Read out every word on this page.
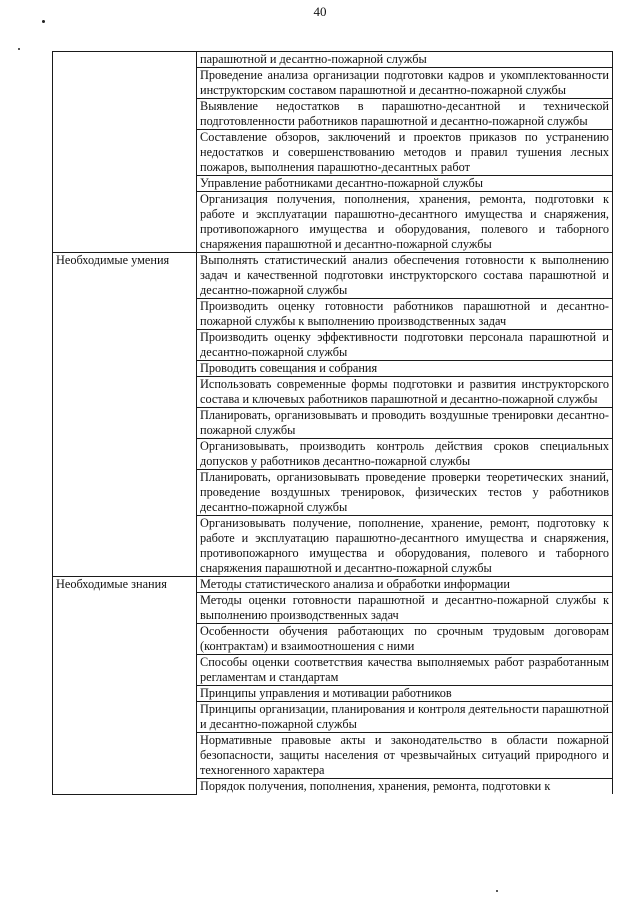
40
	парашютной и десантно-пожарной службы
	Проведение анализа организации подготовки кадров и укомплектованности инструкторским составом парашютной и десантно-пожарной службы
	Выявление недостатков в парашютно-десантной и технической подготовленности работников парашютной и десантно-пожарной службы
	Составление обзоров, заключений и проектов приказов по устранению недостатков и совершенствованию методов и правил тушения лесных пожаров, выполнения парашютно-десантных работ
	Управление работниками десантно-пожарной службы
	Организация получения, пополнения, хранения, ремонта, подготовки к работе и эксплуатации парашютно-десантного имущества и снаряжения, противопожарного имущества и оборудования, полевого и таборного снаряжения парашютной и десантно-пожарной службы
Необходимые умения	Выполнять статистический анализ обеспечения готовности к выполнению задач и качественной подготовки инструкторского состава парашютной и десантно-пожарной службы
	Производить оценку готовности работников парашютной и десантно-пожарной службы к выполнению производственных задач
	Производить оценку эффективности подготовки персонала парашютной и десантно-пожарной службы
	Проводить совещания и собрания
	Использовать современные формы подготовки и развития инструкторского состава и ключевых работников парашютной и десантно-пожарной службы
	Планировать, организовывать и проводить воздушные тренировки десантно-пожарной службы
	Организовывать, производить контроль действия сроков специальных допусков у работников десантно-пожарной службы
	Планировать, организовывать проведение проверки теоретических знаний, проведение воздушных тренировок, физических тестов у работников десантно-пожарной службы
	Организовывать получение, пополнение, хранение, ремонт, подготовку к работе и эксплуатацию парашютно-десантного имущества и снаряжения, противопожарного имущества и оборудования, полевого и таборного снаряжения парашютной и десантно-пожарной службы
Необходимые знания	Методы статистического анализа и обработки информации
	Методы оценки готовности парашютной и десантно-пожарной службы к выполнению производственных задач
	Особенности обучения работающих по срочным трудовым договорам (контрактам) и взаимоотношения с ними
	Способы оценки соответствия качества выполняемых работ разработанным регламентам и стандартам
	Принципы управления и мотивации работников
	Принципы организации, планирования и контроля деятельности парашютной и десантно-пожарной службы
	Нормативные правовые акты и законодательство в области пожарной безопасности, защиты населения от чрезвычайных ситуаций природного и техногенного характера
	Порядок получения, пополнения, хранения, ремонта, подготовки к
